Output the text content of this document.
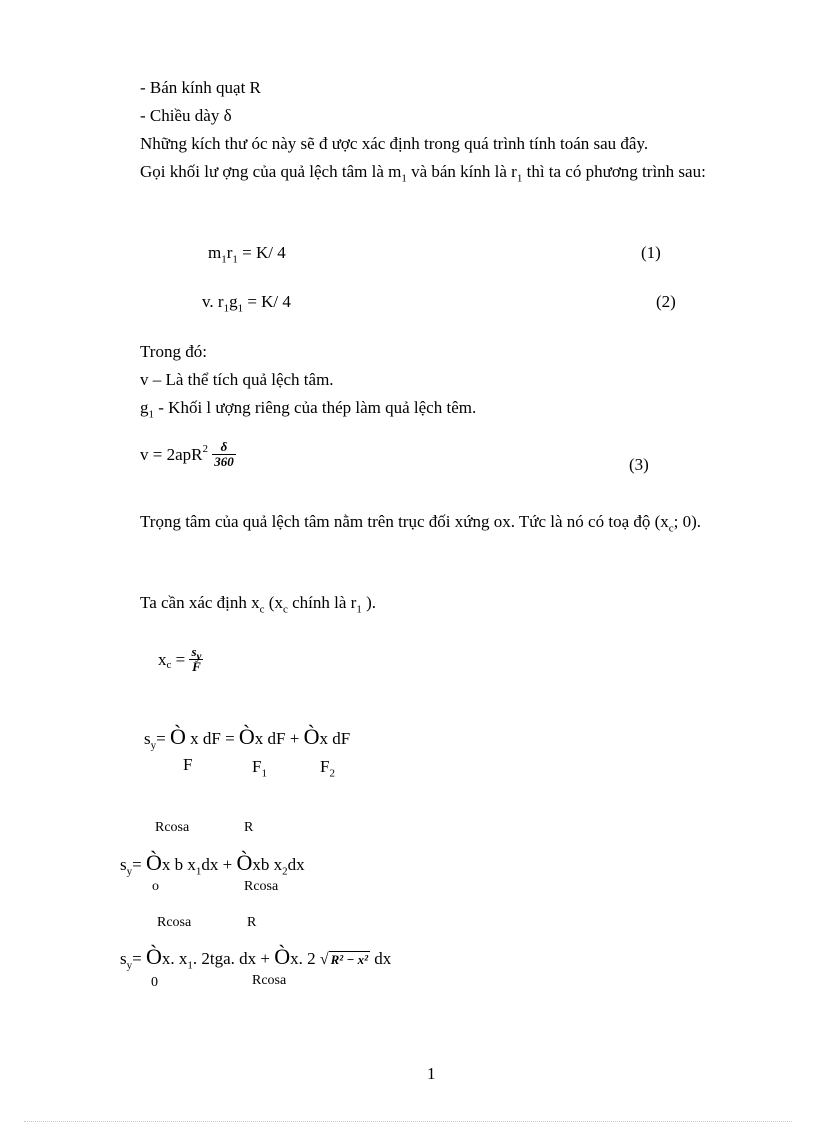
- Bán kính quạt R
- Chiều dày δ
Những kích thư óc này sẽ đ ược xác định trong quá trình tính toán sau đây.
Gọi khối lư ợng của quả lệch tâm là $m_1$ và bán kính là $r_1$ thì ta có phương trình sau:
$m_1r_1 = K/$ 4	(1)
v. $r_1g_1 = K/$ 4	(2)
Trong đó:
v – Là thể tích quả lệch tâm.
$g_1$ - Khối l ượng riêng của thép làm quả lệch têm.
$v = 2apR^2 \frac{\delta}{360}$	(3)
Trọng tâm của quả lệch tâm nằm trên trục đối xứng ox. Tức là nó có toạ độ ($x_c$; 0).
Ta cần xác định $x_c$ ($x_c$ chính là $r_1$ ).
$x_c = \frac{s_y}{F}$
$s_y=$ Ò x dF = Òx dF + Òx dF
F	$F_1$	$F_2$
Rcosa	R
$s_y=$ Òx b $x_1dx$ + Òxb $x_2dx$
o	Rcosa
Rcosa	R
$s_y=$ Òx. $x_1$. 2tga. dx + Òx. 2 √ R² − x² dx
0	Rcosa
1
